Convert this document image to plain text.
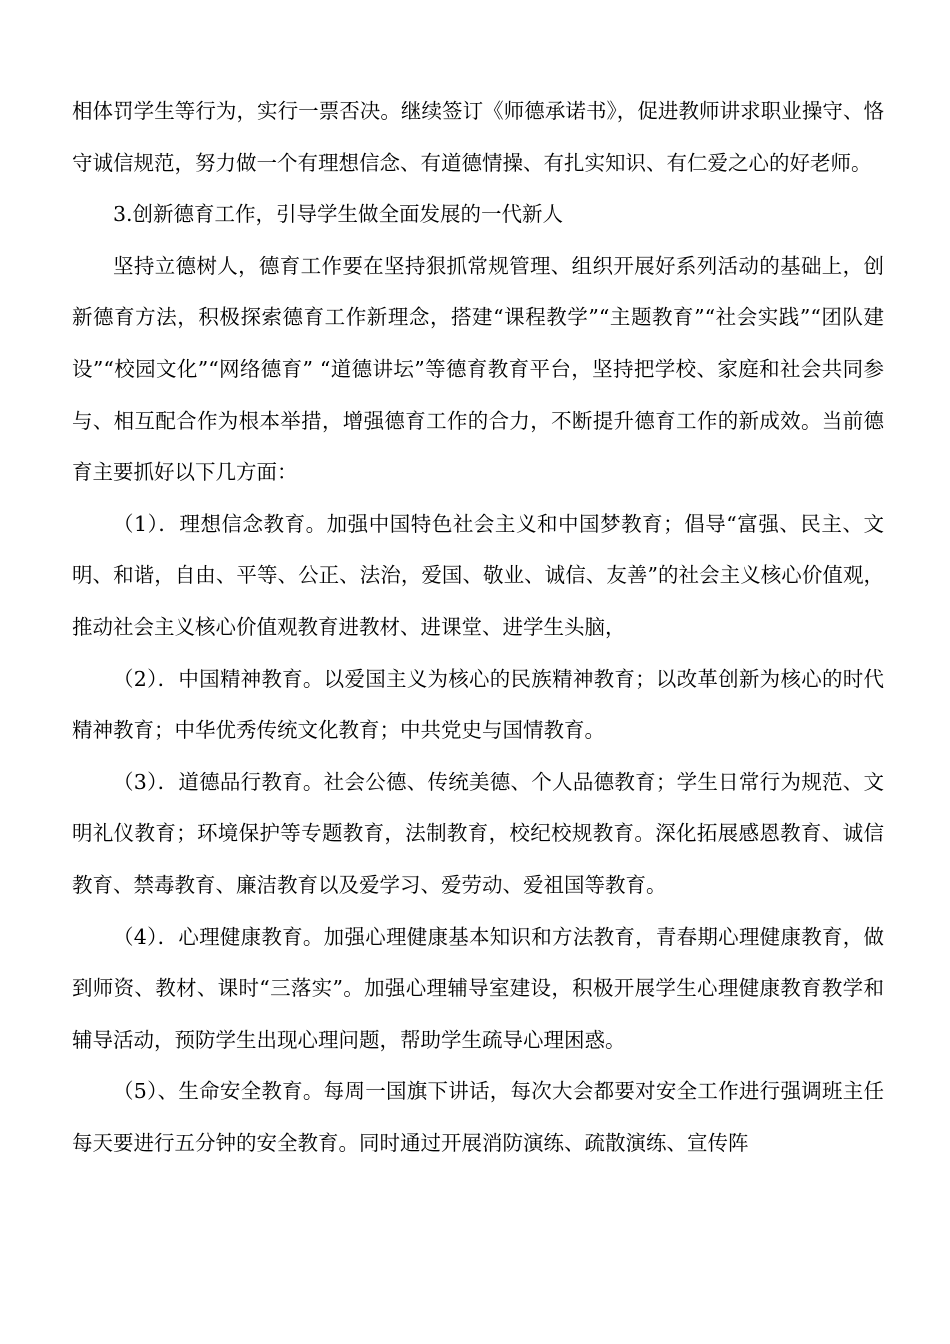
相体罚学生等行为，实行一票否决。继续签订《师德承诺书》，促进教师讲求职业操守、恪守诚信规范，努力做一个有理想信念、有道德情操、有扎实知识、有仁爱之心的好老师。

3.创新德育工作，引导学生做全面发展的一代新人

坚持立德树人，德育工作要在坚持狠抓常规管理、组织开展好系列活动的基础上，创新德育方法，积极探索德育工作新理念，搭建“课程教学”“主题教育”“社会实践”“团队建设”“校园文化”“网络德育” “道德讲坛”等德育教育平台，坚持把学校、家庭和社会共同参与、相互配合作为根本举措，增强德育工作的合力，不断提升德育工作的新成效。当前德育主要抓好以下几方面：

（1）．理想信念教育。加强中国特色社会主义和中国梦教育；倡导“富强、民主、文明、和谐，自由、平等、公正、法治，爱国、敬业、诚信、友善”的社会主义核心价值观，推动社会主义核心价值观教育进教材、进课堂、进学生头脑，

（2）．中国精神教育。以爱国主义为核心的民族精神教育；以改革创新为核心的时代精神教育；中华优秀传统文化教育；中共党史与国情教育。

（3）．道德品行教育。社会公德、传统美德、个人品德教育；学生日常行为规范、文明礼仪教育；环境保护等专题教育，法制教育，校纪校规教育。深化拓展感恩教育、诚信教育、禁毒教育、廉洁教育以及爱学习、爱劳动、爱祖国等教育。

（4）．心理健康教育。加强心理健康基本知识和方法教育，青春期心理健康教育，做到师资、教材、课时“三落实”。加强心理辅导室建设，积极开展学生心理健康教育教学和辅导活动，预防学生出现心理问题，帮助学生疏导心理困惑。

（5）、生命安全教育。每周一国旗下讲话，每次大会都要对安全工作进行强调班主任每天要进行五分钟的安全教育。同时通过开展消防演练、疏散演练、宣传阵
